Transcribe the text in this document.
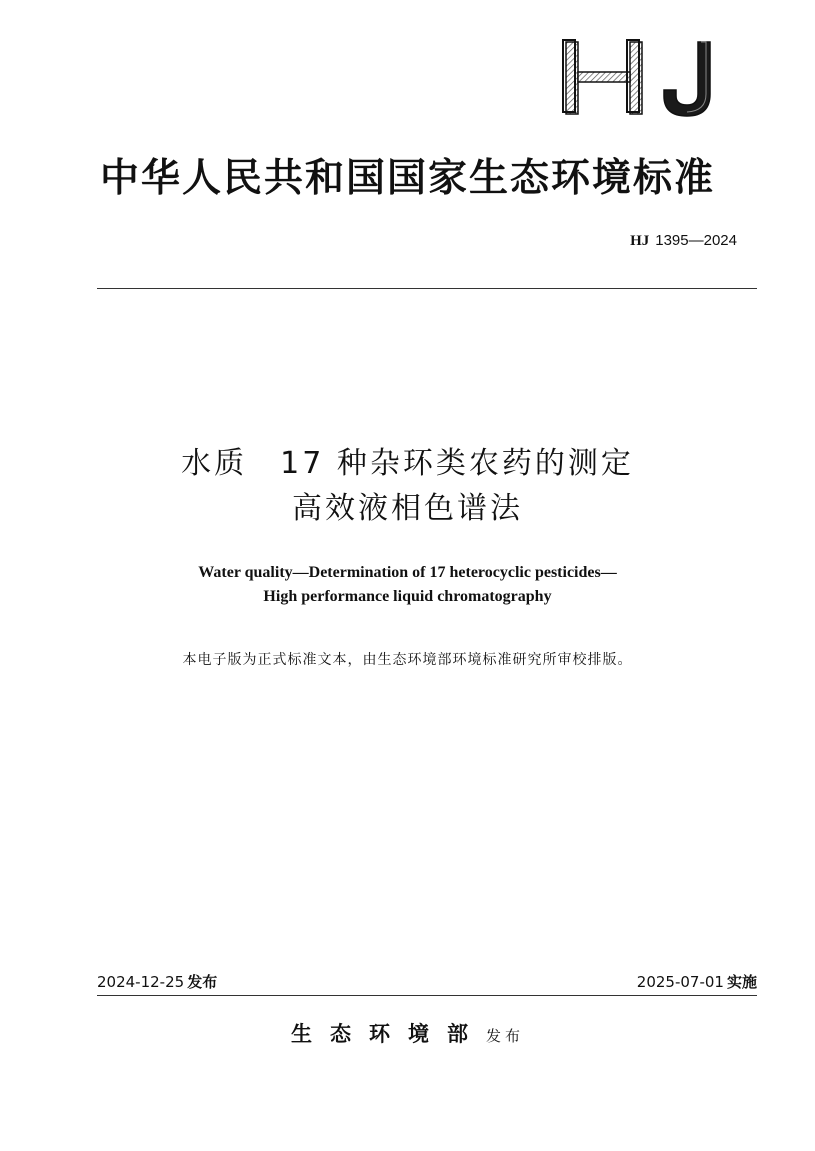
HJ
中华人民共和国国家生态环境标准
HJ 1395—2024
水质　17 种杂环类农药的测定
高效液相色谱法
Water quality—Determination of 17 heterocyclic pesticides—
High performance liquid chromatography
本电子版为正式标准文本，由生态环境部环境标准研究所审校排版。
2024-12-25 发布	2025-07-01 实施
生态环境部发布
